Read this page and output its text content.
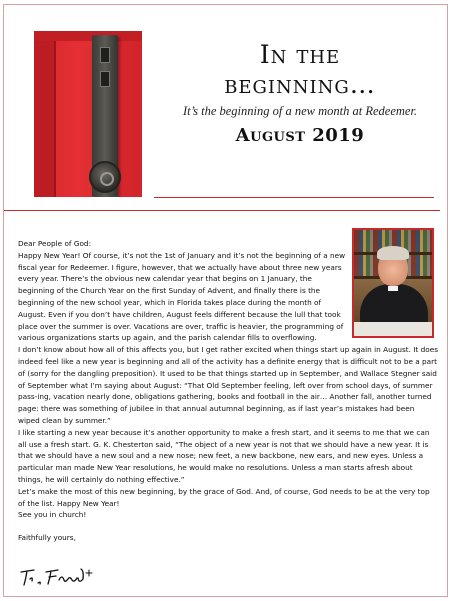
In the
beginning…
It’s the beginning of a new month at Redeemer.
August 2019

Dear People of God:

Happy New Year! Of course, it’s not the 1st of January and it’s not the beginning of a new fiscal year for Redeemer. I figure, however, that we actually have about three new years every year. There’s the obvious new calendar year that begins on 1 January, the beginning of the Church Year on the first Sunday of Advent, and finally there is the beginning of the new school year, which in Florida takes place during the month of August. Even if you don’t have children, August feels different because the lull that took place over the summer is over. Vacations are over, traffic is heavier, the programming of various organizations starts up again, and the parish calendar fills to overflowing.

I don’t know about how all of this affects you, but I get rather excited when things start up again in August. It does indeed feel like a new year is beginning and all of the activity has a definite energy that is difficult not to be a part of (sorry for the dangling preposition). It used to be that things started up in September, and Wallace Stegner said of September what I’m saying about August: “That Old September feeling, left over from school days, of summer pass-ing, vacation nearly done, obligations gathering, books and football in the air… Another fall, another turned page: there was something of jubilee in that annual autumnal beginning, as if last year’s mistakes had been wiped clean by summer.”

I like starting a new year because it’s another opportunity to make a fresh start, and it seems to me that we can all use a fresh start. G. K. Chesterton said, “The object of a new year is not that we should have a new year. It is that we should have a new soul and a new nose; new feet, a new backbone, new ears, and new eyes. Unless a particular man made New Year resolutions, he would make no resolutions. Unless a man starts afresh about things, he will certainly do nothing effective.”

Let’s make the most of this new beginning, by the grace of God. And, of course, God needs to be at the very top of the list. Happy New Year!

See you in church!

Faithfully yours,
